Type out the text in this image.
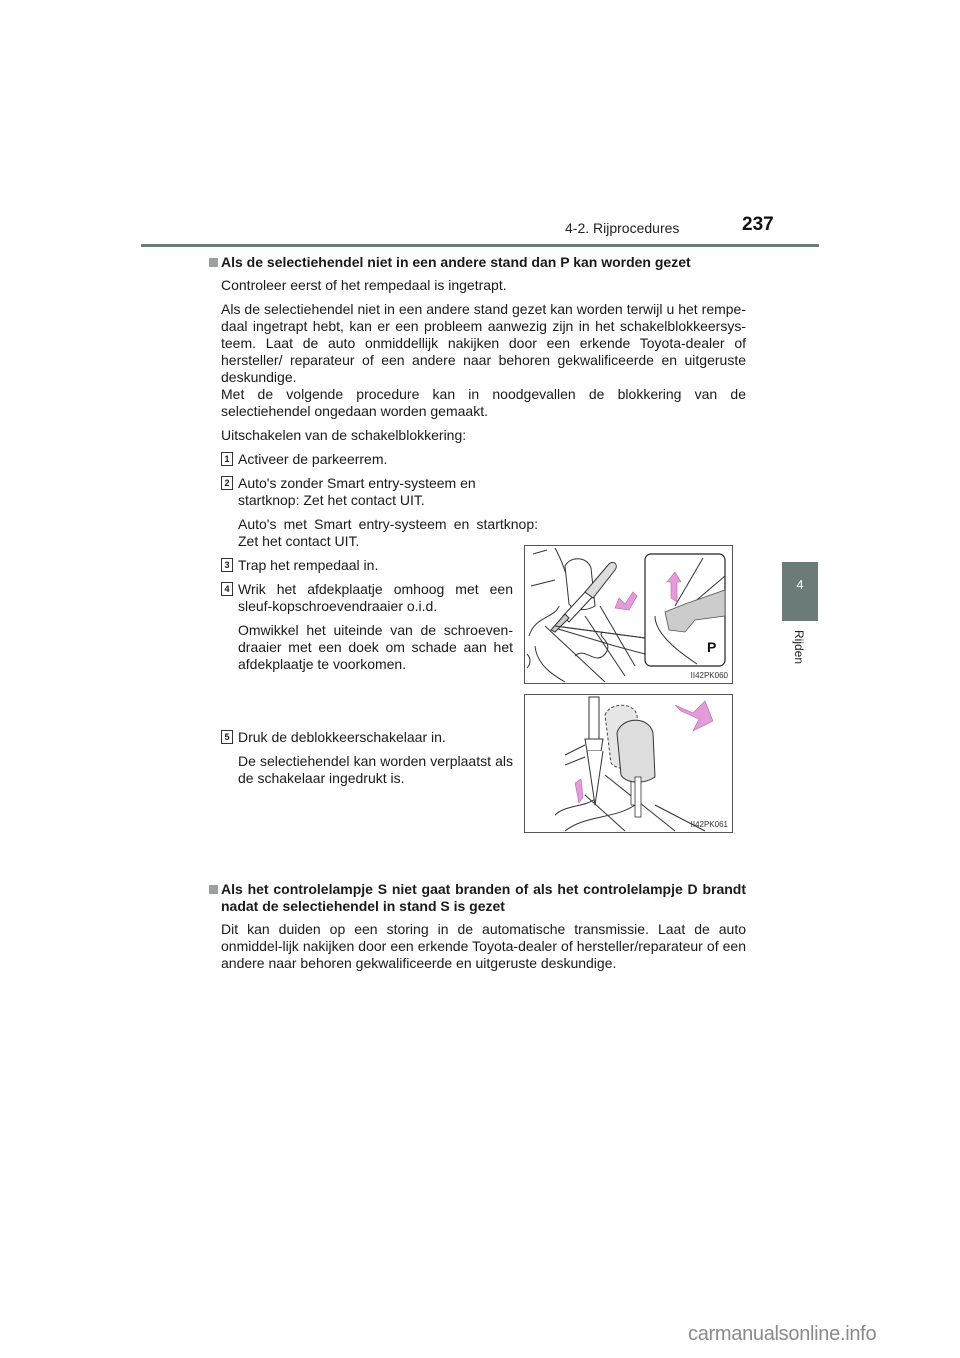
4-2. Rijprocedures	237
4
Rijden
Als de selectiehendel niet in een andere stand dan P kan worden gezet
Controleer eerst of het rempedaal is ingetrapt.
Als de selectiehendel niet in een andere stand gezet kan worden terwijl u het rempe-daal ingetrapt hebt, kan er een probleem aanwezig zijn in het schakelblokkeersys-teem. Laat de auto onmiddellijk nakijken door een erkende Toyota-dealer of hersteller/ reparateur of een andere naar behoren gekwalificeerde en uitgeruste deskundige.
Met de volgende procedure kan in noodgevallen de blokkering van de selectiehendel ongedaan worden gemaakt.
Uitschakelen van de schakelblokkering:
1 Activeer de parkeerrem.
2 Auto's zonder Smart entry-systeem en startknop: Zet het contact UIT.
Auto's met Smart entry-systeem en startknop: Zet het contact UIT.
3 Trap het rempedaal in.
4 Wrik het afdekplaatje omhoog met een sleuf-kopschroevendraaier o.i.d.
Omwikkel het uiteinde van de schroeven-draaier met een doek om schade aan het afdekplaatje te voorkomen.
5 Druk de deblokkeerschakelaar in.
De selectiehendel kan worden verplaatst als de schakelaar ingedrukt is.
Als het controlelampje S niet gaat branden of als het controlelampje D brandt nadat de selectiehendel in stand S is gezet
Dit kan duiden op een storing in de automatische transmissie. Laat de auto onmiddel-lijk nakijken door een erkende Toyota-dealer of hersteller/reparateur of een andere naar behoren gekwalificeerde en uitgeruste deskundige.
P
II42PK060
II42PK061
carmanualsonline.info
